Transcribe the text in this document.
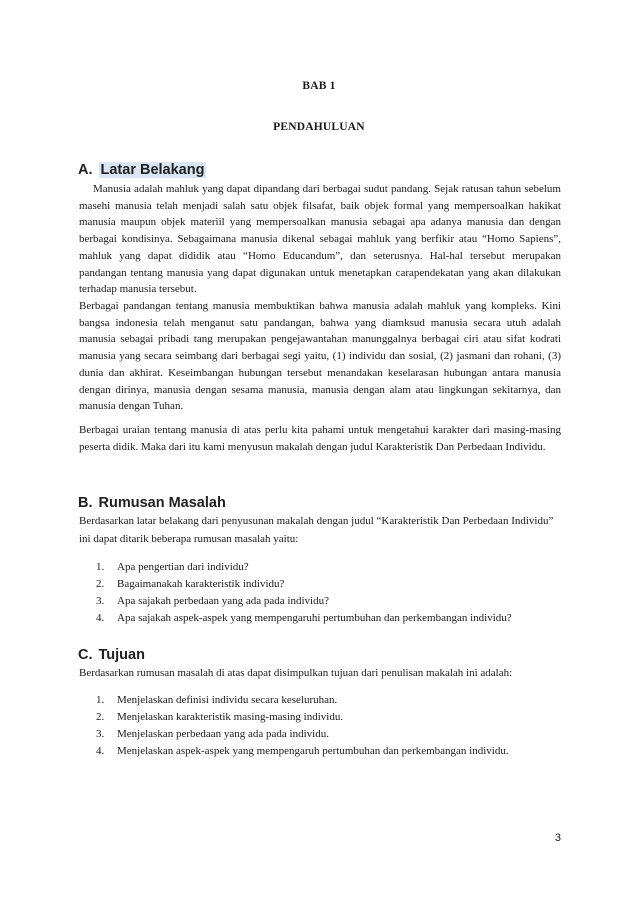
BAB 1
PENDAHULUAN
A. Latar Belakang

Manusia adalah mahluk yang dapat dipandang dari berbagai sudut pandang. Sejak ratusan tahun sebelum masehi manusia telah menjadi salah satu objek filsafat, baik objek formal yang mempersoalkan hakikat manusia maupun objek materiil yang mempersoalkan manusia sebagai apa adanya manusia dan dengan berbagai kondisinya. Sebagaimana manusia dikenal sebagai mahluk yang berfikir atau “Homo Sapiens”, mahluk yang dapat dididik atau “Homo Educandum”, dan seterusnya. Hal-hal tersebut merupakan pandangan tentang manusia yang dapat digunakan untuk menetapkan carapendekatan yang akan dilakukan terhadap manusia tersebut.

Berbagai pandangan tentang manusia membuktikan bahwa manusia adalah mahluk yang kompleks. Kini bangsa indonesia telah menganut satu pandangan, bahwa yang diamksud manusia secara utuh adalah manusia sebagai pribadi tang merupakan pengejawantahan manunggalnya berbagai ciri atau sifat kodrati manusia yang secara seimbang dari berbagai segi yaitu, (1) individu dan sosial, (2) jasmani dan rohani, (3) dunia dan akhirat. Keseimbangan hubungan tersebut menandakan keselarasan hubungan antara manusia dengan dirinya, manusia dengan sesama manusia, manusia dengan alam atau lingkungan sekitarnya, dan manusia dengan Tuhan.

Berbagai uraian tentang manusia di atas perlu kita pahami untuk mengetahui karakter dari masing-masing peserta didik. Maka dari itu kami menyusun makalah dengan judul Karakteristik Dan Perbedaan Individu.

B. Rumusan Masalah

Berdasarkan latar belakang dari penyusunan makalah dengan judul “Karakteristik Dan Perbedaan Individu” ini dapat ditarik beberapa rumusan masalah yaitu:

1.	Apa pengertian dari individu?
2.	Bagaimanakah karakteristik individu?
3.	Apa sajakah perbedaan yang ada pada individu?
4.	Apa sajakah aspek-aspek yang mempengaruhi pertumbuhan dan perkembangan individu?
C. Tujuan

Berdasarkan rumusan masalah di atas dapat disimpulkan tujuan dari penulisan makalah ini adalah:

1.	Menjelaskan definisi individu secara keseluruhan.
2.	Menjelaskan karakteristik masing-masing individu.
3.	Menjelaskan perbedaan yang ada pada individu.
4.	Menjelaskan aspek-aspek yang mempengaruh pertumbuhan dan perkembangan individu.
3
